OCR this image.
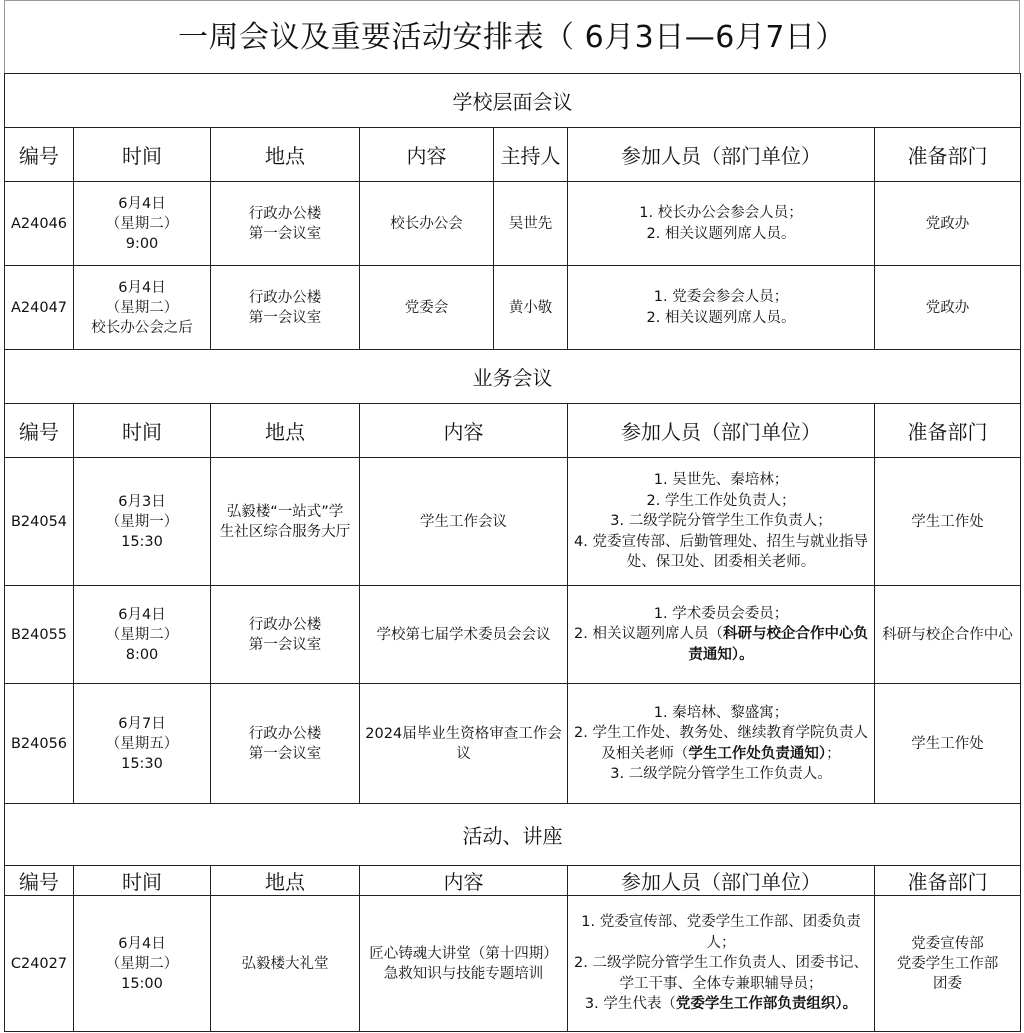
一周会议及重要活动安排表（ 6月3日—6月7日）
学校层面会议						
编号	时间	地点	内容	主持人	参加人员（部门单位）	准备部门
A24046	6月4日
（星期二）
9:00	行政办公楼
第一会议室	校长办公会	吴世先	1. 校长办公会参会人员；
2. 相关议题列席人员。	党政办
A24047	6月4日
（星期二）
校长办公会之后	行政办公楼
第一会议室	党委会	黄小敬	1. 党委会参会人员；
2. 相关议题列席人员。	党政办
业务会议						
编号	时间	地点	内容		参加人员（部门单位）	准备部门
B24054	6月3日
（星期一）
15:30	弘毅楼“一站式”学
生社区综合服务大厅	学生工作会议		1. 吴世先、秦培林；
2. 学生工作处负责人；
3. 二级学院分管学生工作负责人；
4. 党委宣传部、后勤管理处、招生与就业指导处、保卫处、团委相关老师。	学生工作处
B24055	6月4日
（星期二）
8:00	行政办公楼
第一会议室	学校第七届学术委员会会议		1. 学术委员会委员；
2. 相关议题列席人员（科研与校企合作中心负责通知）。	科研与校企合作中心
B24056	6月7日
（星期五）
15:30	行政办公楼
第一会议室	2024届毕业生资格审查工作会议		1. 秦培林、黎盛寓；
2. 学生工作处、教务处、继续教育学院负责人及相关老师（学生工作处负责通知）；
3. 二级学院分管学生工作负责人。	学生工作处
活动、讲座						
编号	时间	地点	内容		参加人员（部门单位）	准备部门
C24027	6月4日
（星期二）
15:00	弘毅楼大礼堂	匠心铸魂大讲堂（第十四期）急救知识与技能专题培训		1. 党委宣传部、党委学生工作部、团委负责人；
2. 二级学院分管学生工作负责人、团委书记、学工干事、全体专兼职辅导员；
3. 学生代表（党委学生工作部负责组织）。	党委宣传部
党委学生工作部
团委
